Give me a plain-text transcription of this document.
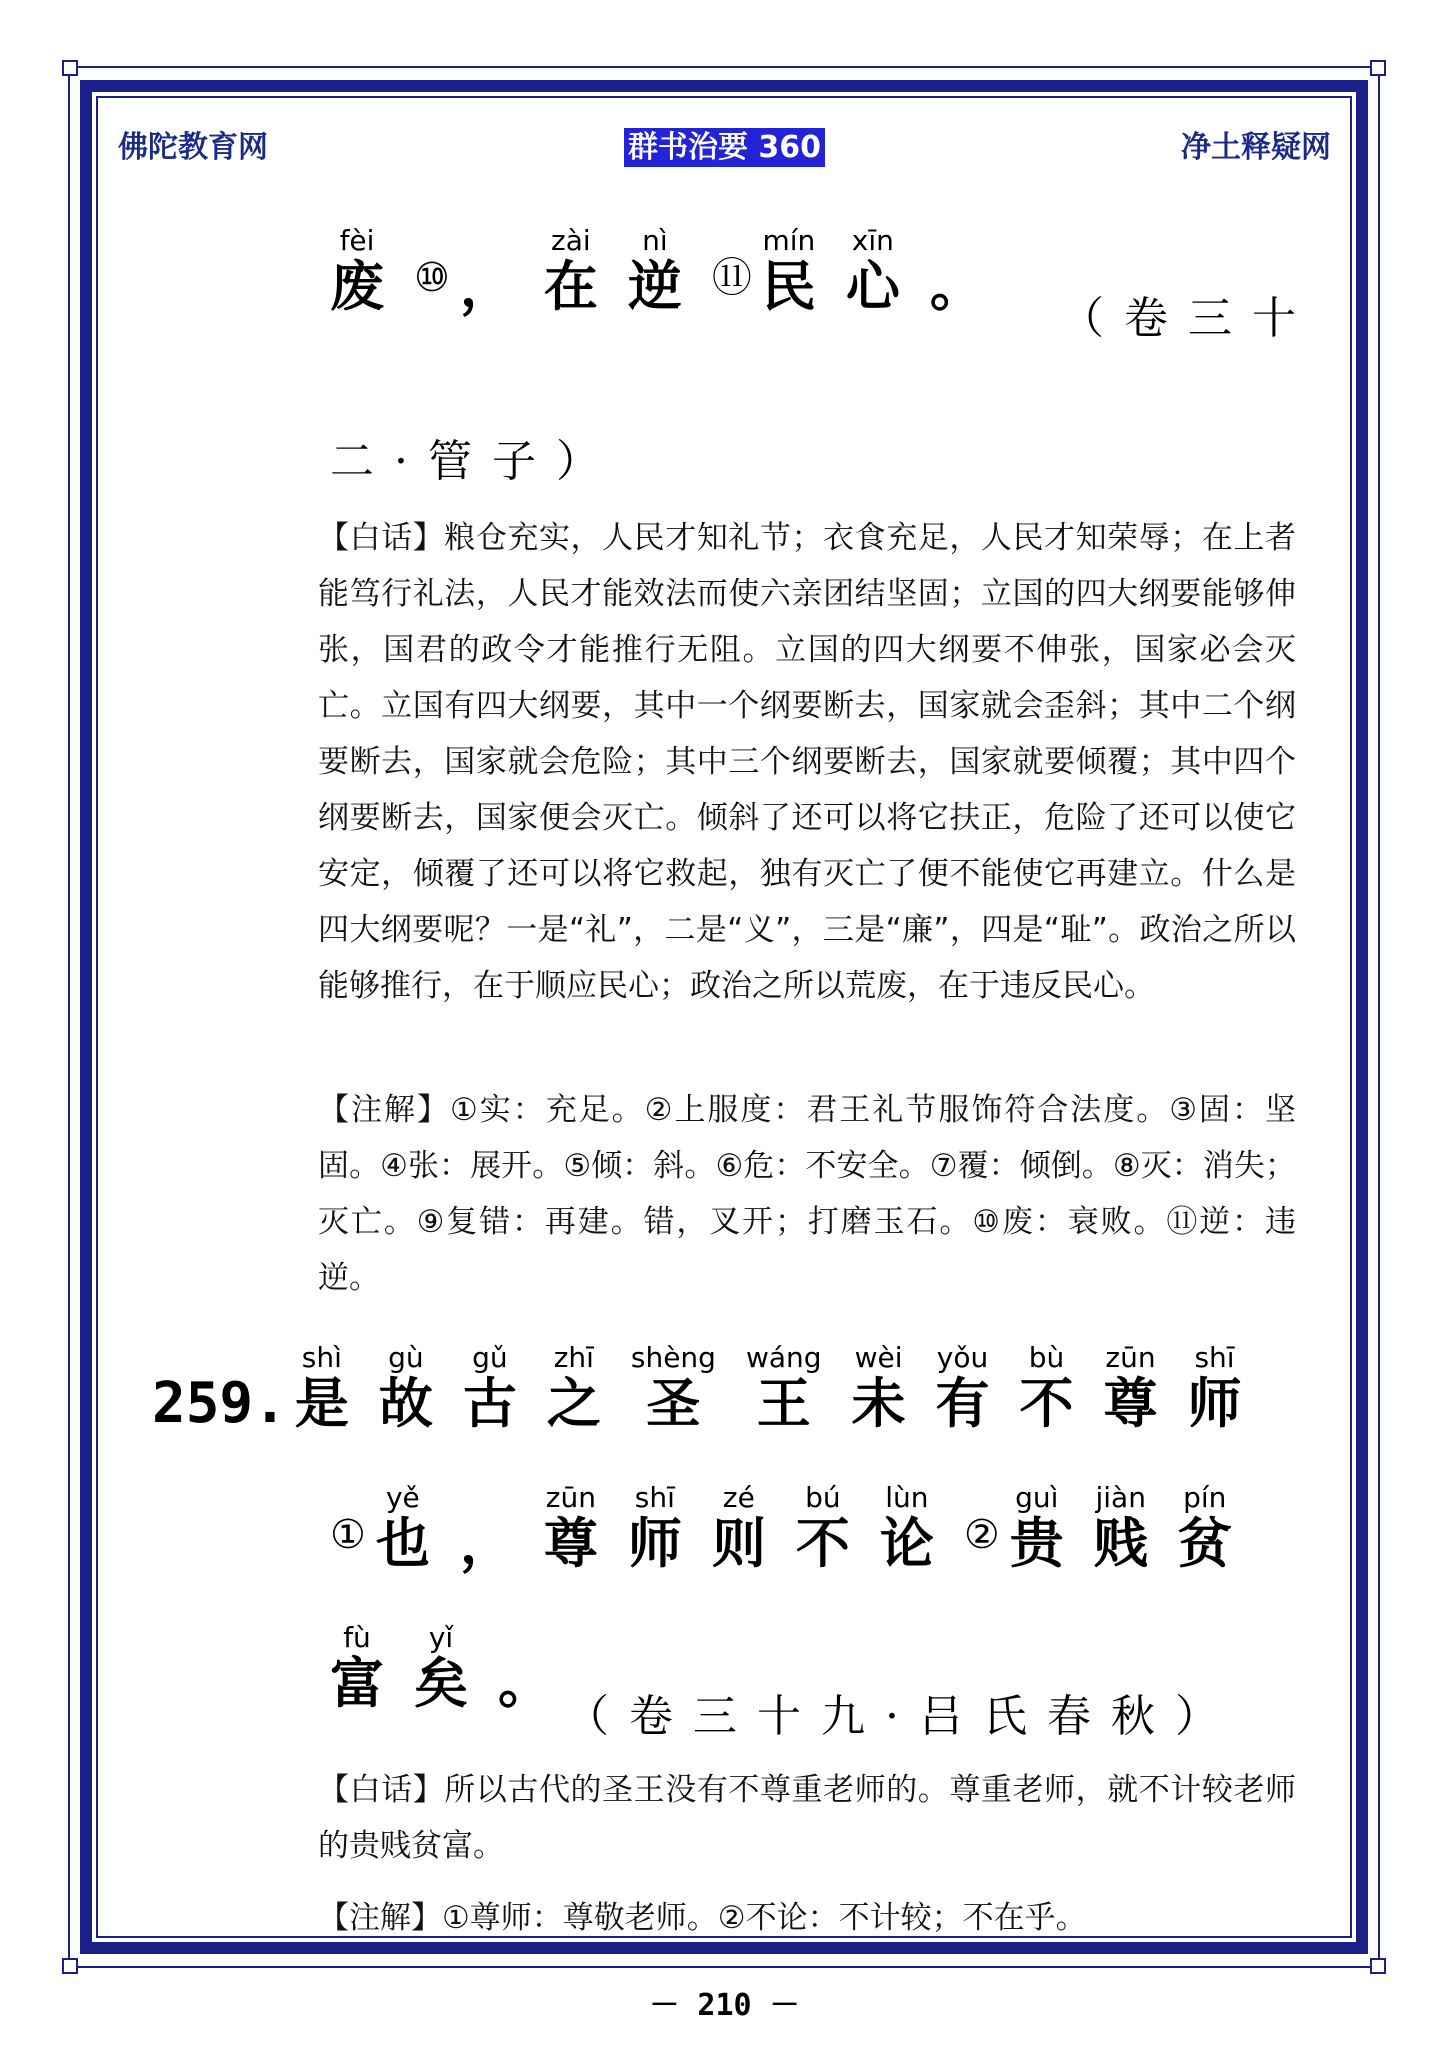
佛陀教育网	群书治要 360	净土释疑网
废fèi⑩ ， 在zài逆nì⑪ 民mín心xīn。
（卷三十
二·管子）
【白话】粮仓充实，人民才知礼节；衣食充足，人民才知荣辱；在上者能笃行礼法，人民才能效法而使六亲团结坚固；立国的四大纲要能够伸张，国君的政令才能推行无阻。立国的四大纲要不伸张，国家必会灭亡。立国有四大纲要，其中一个纲要断去，国家就会歪斜；其中二个纲要断去，国家就会危险；其中三个纲要断去，国家就要倾覆；其中四个纲要断去，国家便会灭亡。倾斜了还可以将它扶正，危险了还可以使它安定，倾覆了还可以将它救起，独有灭亡了便不能使它再建立。什么是四大纲要呢？一是“礼”，二是“义”，三是“廉”，四是“耻”。政治之所以能够推行，在于顺应民心；政治之所以荒废，在于违反民心。
【注解】①实：充足。②上服度：君王礼节服饰符合法度。③固：坚固。④张：展开。⑤倾：斜。⑥危：不安全。⑦覆：倾倒。⑧灭：消失；灭亡。⑨复错：再建。错，叉开；打磨玉石。⑩废：衰败。⑪逆：违逆。
259. 是shì故gù古gǔ之zhī圣shèng王wáng未wèi有yǒu不bù尊zūn师shī
① 也yě， 尊zūn师shī则zé不bú论lùn② 贵guì贱jiàn贫pín
富fù矣yǐ。
（卷三十九·吕氏春秋）
【白话】所以古代的圣王没有不尊重老师的。尊重老师，就不计较老师的贵贱贫富。
【注解】①尊师：尊敬老师。②不论：不计较；不在乎。
－ 210 －
